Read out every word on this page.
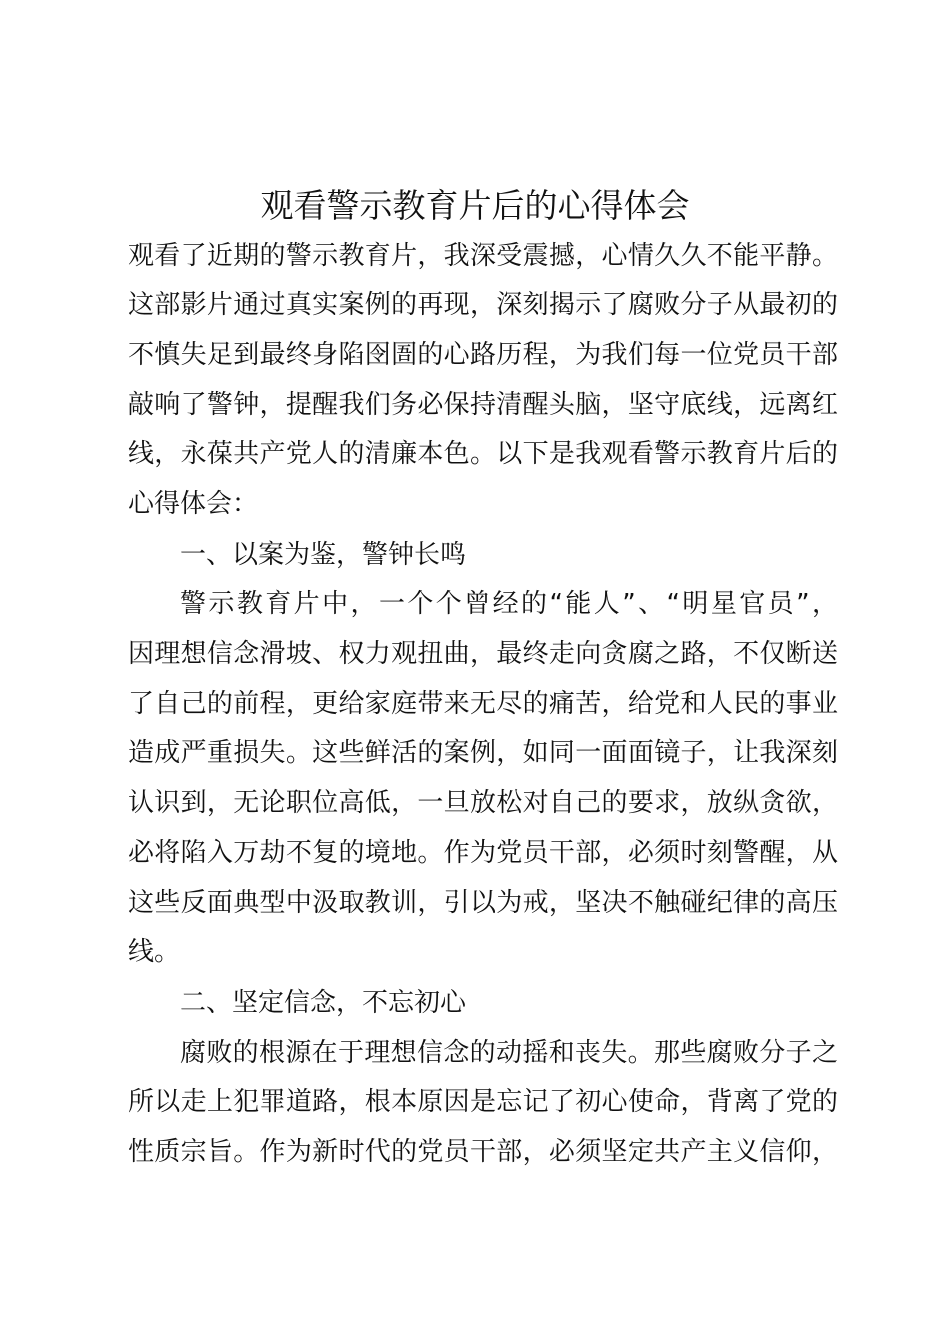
观看警示教育片后的心得体会
观看了近期的警示教育片，我深受震撼，心情久久不能平静。
这部影片通过真实案例的再现，深刻揭示了腐败分子从最初的
不慎失足到最终身陷囹圄的心路历程，为我们每一位党员干部
敲响了警钟，提醒我们务必保持清醒头脑，坚守底线，远离红
线，永葆共产党人的清廉本色。以下是我观看警示教育片后的
心得体会：
一、以案为鉴，警钟长鸣
警示教育片中，一个个曾经的“能人”、“明星官员”，
因理想信念滑坡、权力观扭曲，最终走向贪腐之路，不仅断送
了自己的前程，更给家庭带来无尽的痛苦，给党和人民的事业
造成严重损失。这些鲜活的案例，如同一面面镜子，让我深刻
认识到，无论职位高低，一旦放松对自己的要求，放纵贪欲，
必将陷入万劫不复的境地。作为党员干部，必须时刻警醒，从
这些反面典型中汲取教训，引以为戒，坚决不触碰纪律的高压
线。
二、坚定信念，不忘初心
腐败的根源在于理想信念的动摇和丧失。那些腐败分子之
所以走上犯罪道路，根本原因是忘记了初心使命，背离了党的
性质宗旨。作为新时代的党员干部，必须坚定共产主义信仰，
